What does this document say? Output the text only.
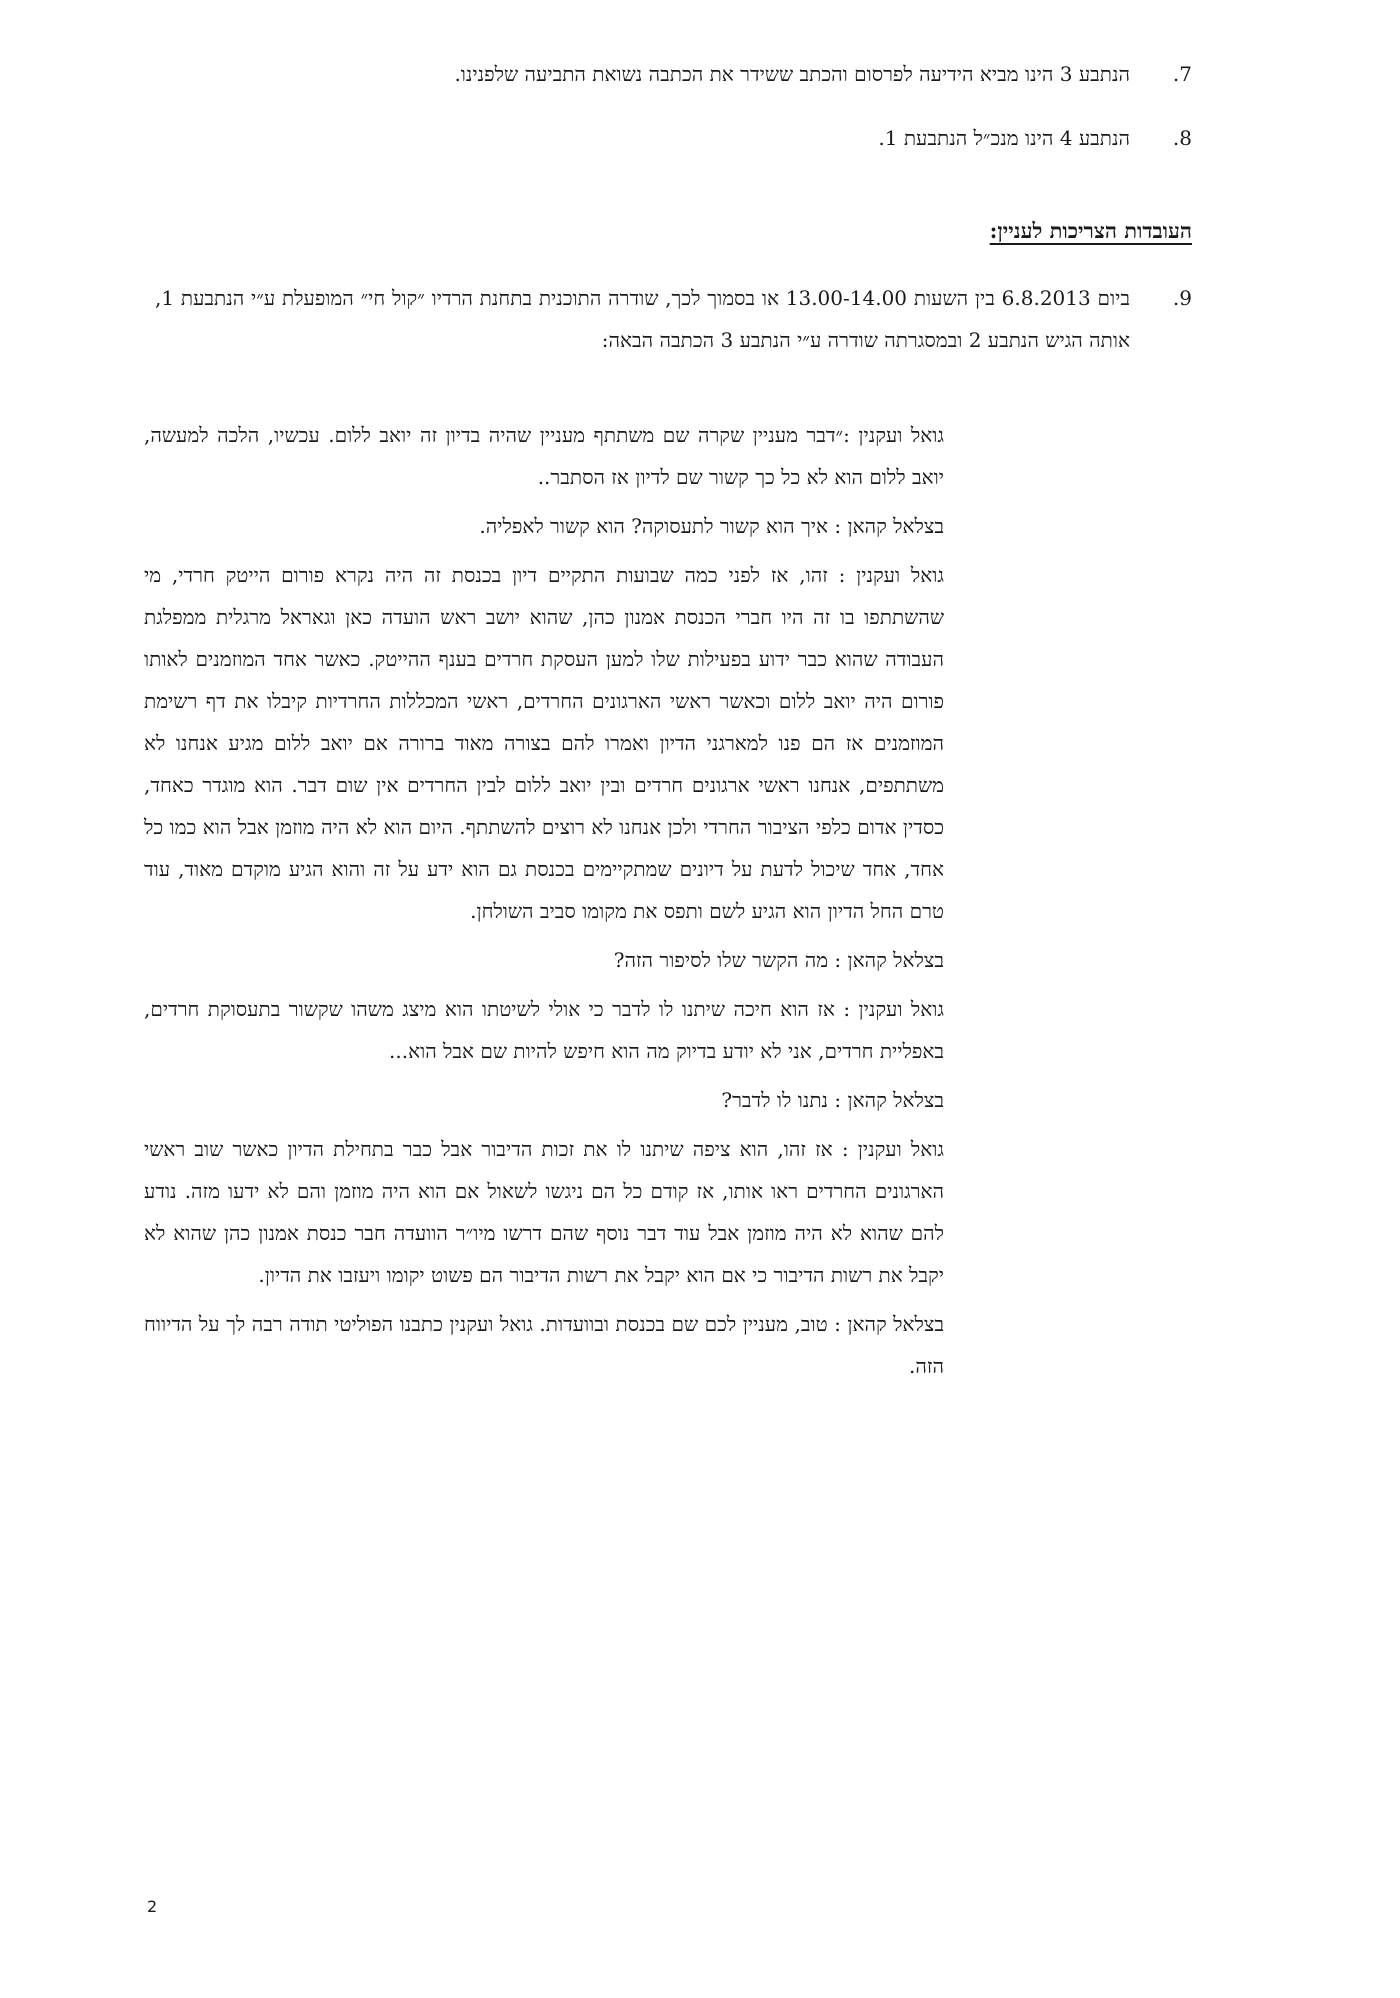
7.
הנתבע 3 הינו מביא הידיעה לפרסום והכתב ששידר את הכתבה נשואת התביעה שלפנינו.
8.
הנתבע 4 הינו מנכ״ל הנתבעת 1.
העובדות הצריכות לעניין:
9.
ביום 6.8.2013 בין השעות 13.00-14.00 או בסמוך לכך, שודרה התוכנית בתחנת הרדיו ״קול חי״ המופעלת ע״י הנתבעת 1, אותה הגיש הנתבע 2 ובמסגרתה שודרה ע״י הנתבע 3 הכתבה הבאה:

גואל ועקנין :״דבר מעניין שקרה שם משתתף מעניין שהיה בדיון זה יואב ללום. עכשיו, הלכה למעשה, יואב ללום הוא לא כל כך קשור שם לדיון אז הסתבר..

בצלאל קהאן : איך הוא קשור לתעסוקה? הוא קשור לאפליה.

גואל ועקנין : זהו, אז לפני כמה שבועות התקיים דיון בכנסת זה היה נקרא פורום הייטק חרדי, מי שהשתתפו בו זה היו חברי הכנסת אמנון כהן, שהוא יושב ראש הועדה כאן וגאראל מרגלית ממפלגת העבודה שהוא כבר ידוע בפעילות שלו למען העסקת חרדים בענף ההייטק. כאשר אחד המוזמנים לאותו פורום היה יואב ללום וכאשר ראשי הארגונים החרדים, ראשי המכללות החרדיות קיבלו את דף רשימת המוזמנים אז הם פנו למארגני הדיון ואמרו להם בצורה מאוד ברורה אם יואב ללום מגיע אנחנו לא משתתפים, אנחנו ראשי ארגונים חרדים ובין יואב ללום לבין החרדים אין שום דבר. הוא מוגדר כאחד, כסדין אדום כלפי הציבור החרדי ולכן אנחנו לא רוצים להשתתף. היום הוא לא היה מוזמן אבל הוא כמו כל אחד, אחד שיכול לדעת על דיונים שמתקיימים בכנסת גם הוא ידע על זה והוא הגיע מוקדם מאוד, עוד טרם החל הדיון הוא הגיע לשם ותפס את מקומו סביב השולחן.

בצלאל קהאן : מה הקשר שלו לסיפור הזה?

גואל ועקנין : אז הוא חיכה שיתנו לו לדבר כי אולי לשיטתו הוא מיצג משהו שקשור בתעסוקת חרדים, באפליית חרדים, אני לא יודע בדיוק מה הוא חיפש להיות שם אבל הוא...

בצלאל קהאן : נתנו לו לדבר?

גואל ועקנין : אז זהו, הוא ציפה שיתנו לו את זכות הדיבור אבל כבר בתחילת הדיון כאשר שוב ראשי הארגונים החרדים ראו אותו, אז קודם כל הם ניגשו לשאול אם הוא היה מוזמן והם לא ידעו מזה. נודע להם שהוא לא היה מוזמן אבל עוד דבר נוסף שהם דרשו מיו״ר הוועדה חבר כנסת אמנון כהן שהוא לא יקבל את רשות הדיבור כי אם הוא יקבל את רשות הדיבור הם פשוט יקומו ויעזבו את הדיון.

בצלאל קהאן : טוב, מעניין לכם שם בכנסת ובוועדות. גואל ועקנין כתבנו הפוליטי תודה רבה לך על הדיווח הזה.

2
